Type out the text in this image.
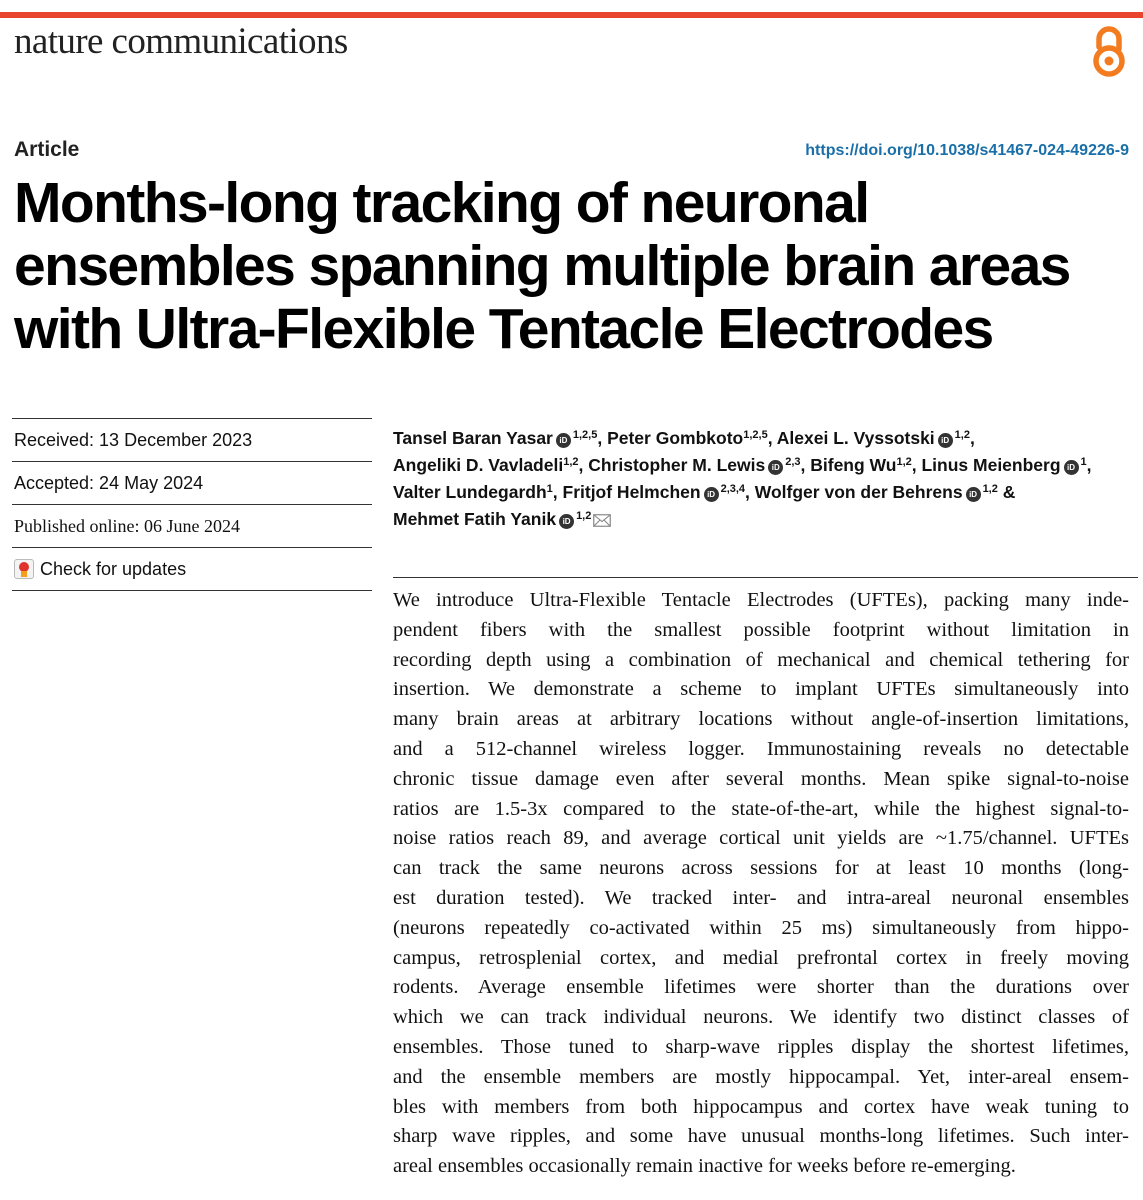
nature communications
Article	https://doi.org/10.1038/s41467-024-49226-9
Months-long tracking of neuronal ensembles spanning multiple brain areas with Ultra-Flexible Tentacle Electrodes
Received: 13 December 2023
Accepted: 24 May 2024
Published online: 06 June 2024
Check for updates
Tansel Baran Yasar iD $^{1,2,5}$, Peter Gombkoto$^{1,2,5}$, Alexei L. Vyssotski iD $^{1,2}$, Angeliki D. Vavladeli$^{1,2}$, Christopher M. Lewis iD $^{2,3}$, Bifeng Wu$^{1,2}$, Linus Meienberg iD $^1$, Valter Lundegardh$^1$, Fritjof Helmchen iD $^{2,3,4}$, Wolfger von der Behrens iD $^{1,2}$ & Mehmet Fatih Yanik iD $^{1,2}$
We introduce Ultra-Flexible Tentacle Electrodes (UFTEs), packing many inde-
pendent fibers with the smallest possible footprint without limitation in
recording depth using a combination of mechanical and chemical tethering for
insertion. We demonstrate a scheme to implant UFTEs simultaneously into
many brain areas at arbitrary locations without angle-of-insertion limitations,
and a 512-channel wireless logger. Immunostaining reveals no detectable
chronic tissue damage even after several months. Mean spike signal-to-noise
ratios are 1.5-3x compared to the state-of-the-art, while the highest signal-to-
noise ratios reach 89, and average cortical unit yields are ~1.75/channel. UFTEs
can track the same neurons across sessions for at least 10 months (long-
est duration tested). We tracked inter- and intra-areal neuronal ensembles
(neurons repeatedly co-activated within 25 ms) simultaneously from hippo-
campus, retrosplenial cortex, and medial prefrontal cortex in freely moving
rodents. Average ensemble lifetimes were shorter than the durations over
which we can track individual neurons. We identify two distinct classes of
ensembles. Those tuned to sharp-wave ripples display the shortest lifetimes,
and the ensemble members are mostly hippocampal. Yet, inter-areal ensem-
bles with members from both hippocampus and cortex have weak tuning to
sharp wave ripples, and some have unusual months-long lifetimes. Such inter-
areal ensembles occasionally remain inactive for weeks before re-emerging.
